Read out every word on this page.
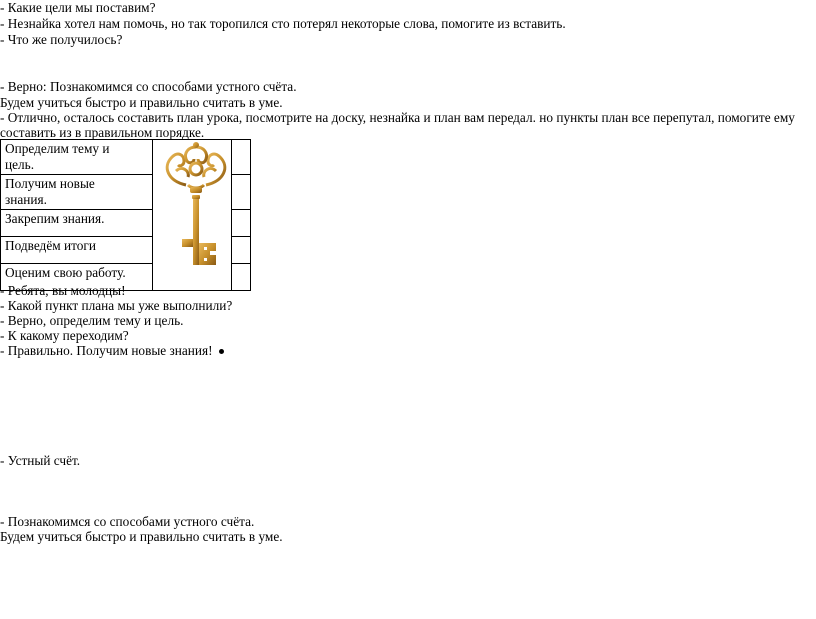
- Какие цели мы поставим?
- Незнайка хотел нам помочь, но так торопился сто потерял некоторые слова, помогите из вставить.
- Что же получилось?
- Верно: Познакомимся со способами устного счёта.
Будем учиться быстро и правильно считать в уме.
- Отлично, осталось составить план урока, посмотрите на доску, незнайка и план вам передал. но пункты план все перепутал, помогите ему
составить из в правильном порядке.
Определим тему и
цель.		

Получим новые
знания.		

Закрепим знания.		

Подведём итоги		

Оценим свою работу.		

- Ребята, вы молодцы!
- Какой пункт плана мы уже выполнили?
- Верно, определим тему и цель.
- К какому переходим?
- Правильно. Получим новые знания!
- Устный счёт.
- Познакомимся со способами устного счёта.
Будем учиться быстро и правильно считать в уме.
